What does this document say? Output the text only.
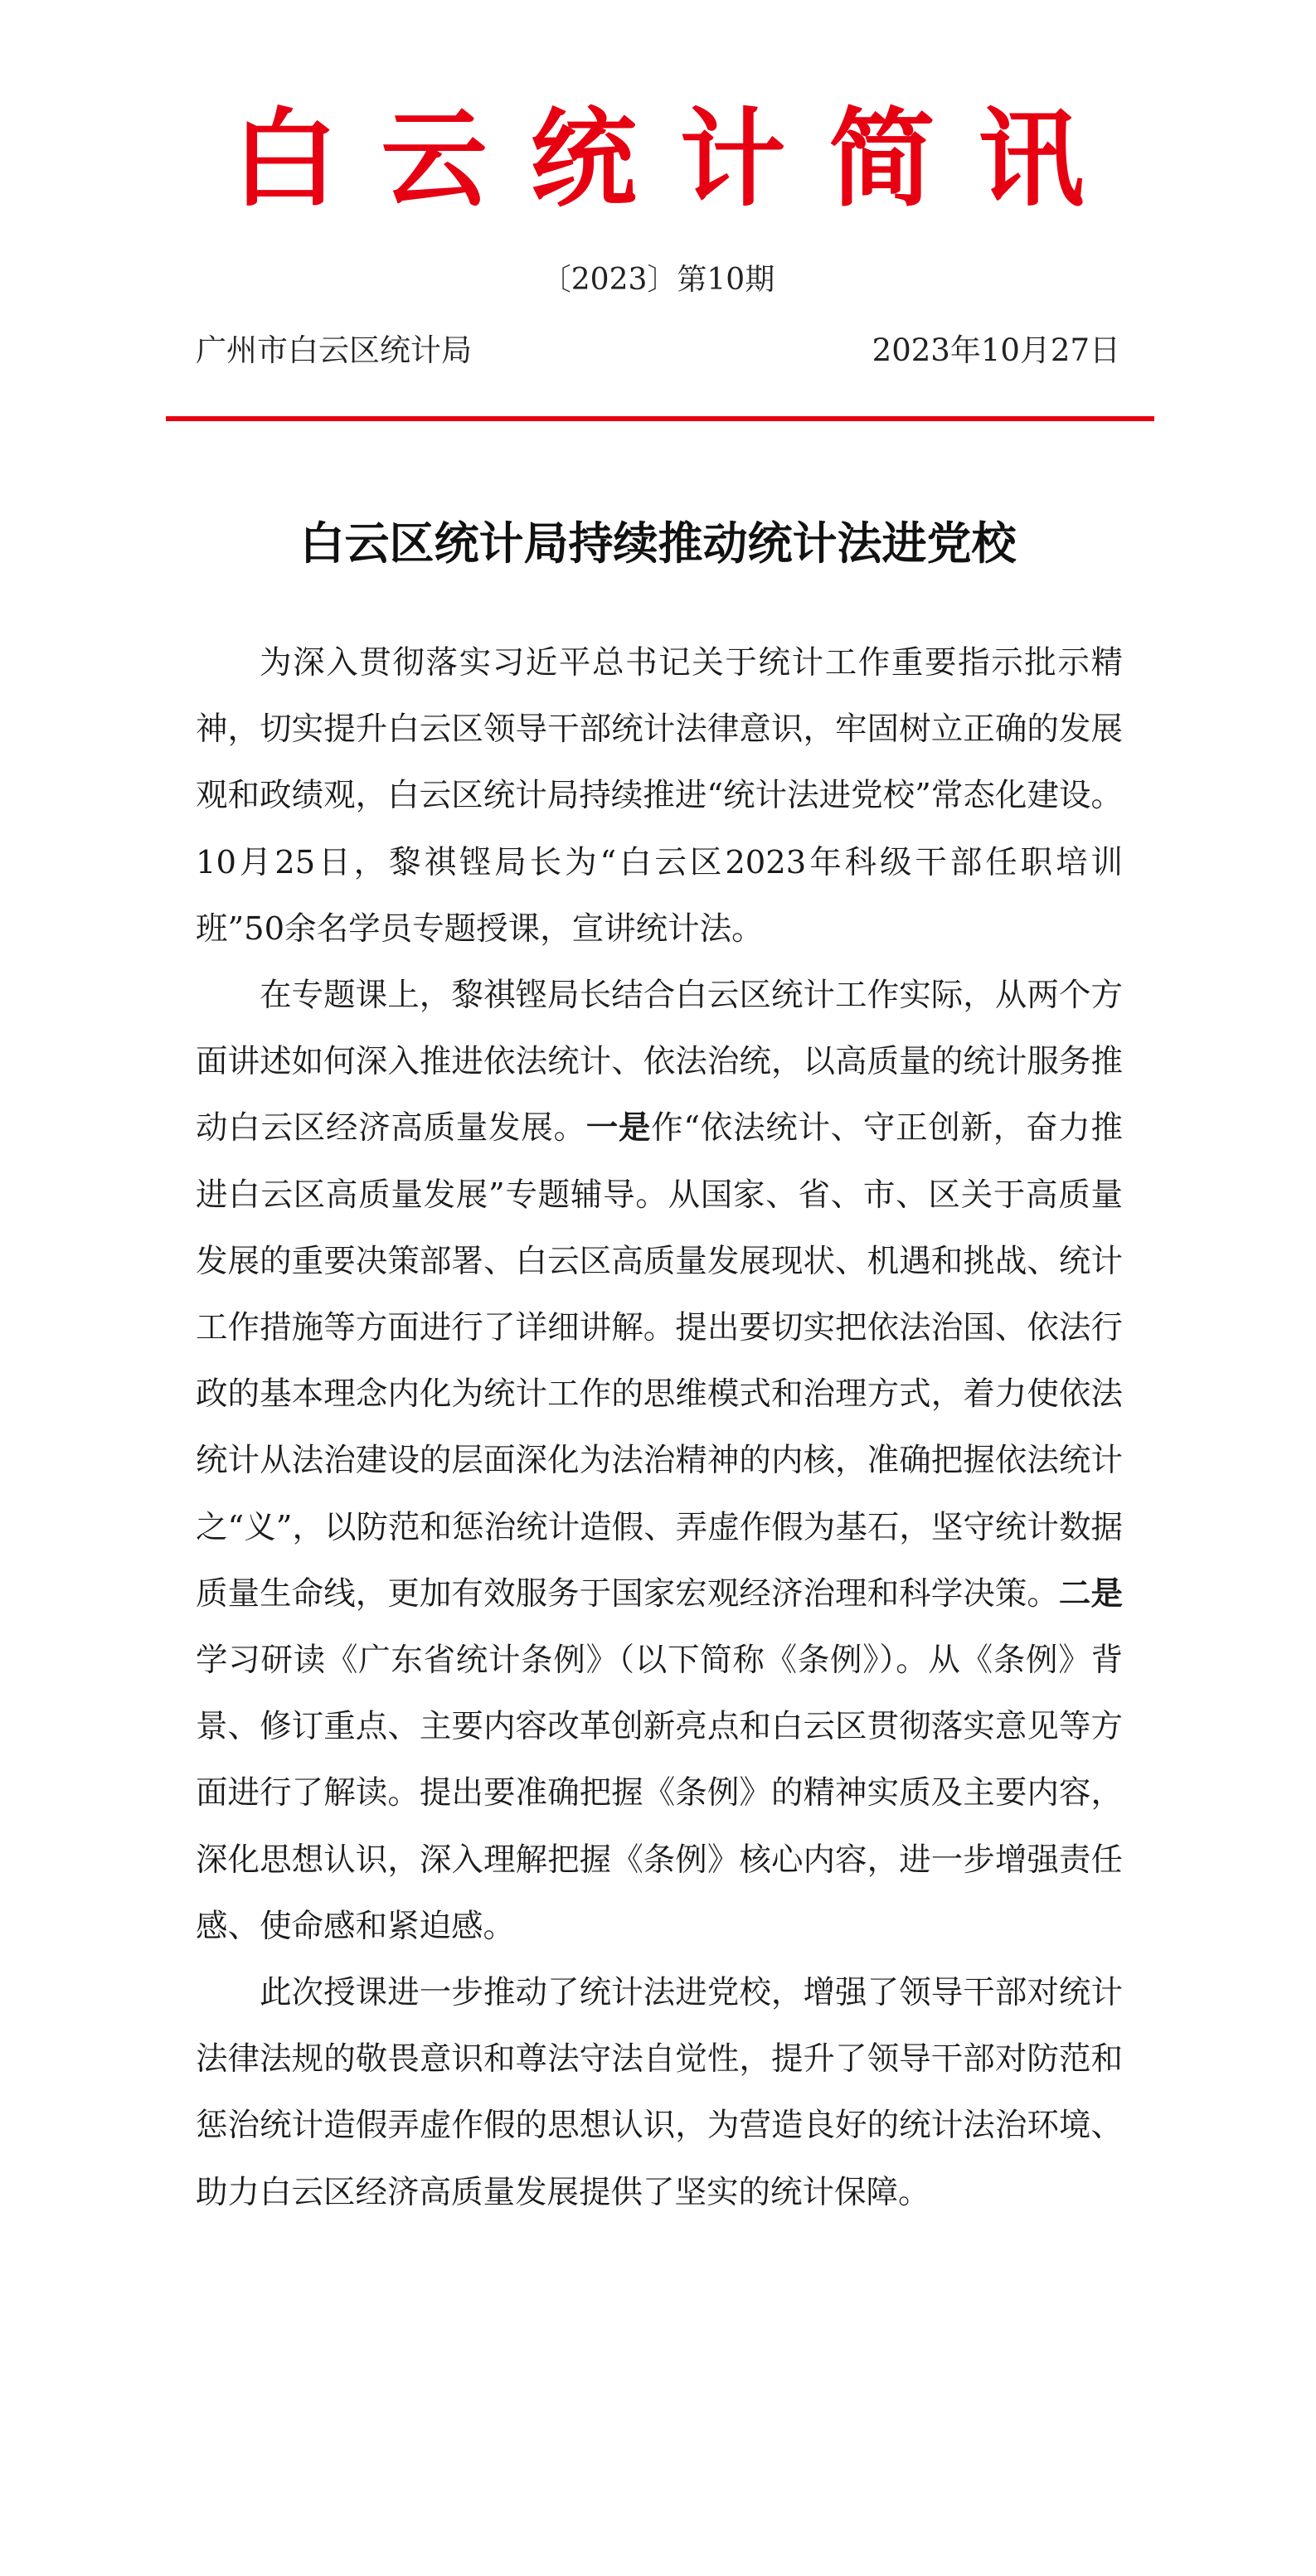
白云统计简讯
〔2023〕第10期
广州市白云区统计局	2023年10月27日
白云区统计局持续推动统计法进党校

为深入贯彻落实习近平总书记关于统计工作重要指示批示精神，切实提升白云区领导干部统计法律意识，牢固树立正确的发展观和政绩观，白云区统计局持续推进“统计法进党校”常态化建设。10月25日，黎祺铿局长为“白云区2023年科级干部任职培训班”50余名学员专题授课，宣讲统计法。

在专题课上，黎祺铿局长结合白云区统计工作实际，从两个方面讲述如何深入推进依法统计、依法治统，以高质量的统计服务推动白云区经济高质量发展。一是作“依法统计、守正创新，奋力推进白云区高质量发展”专题辅导。从国家、省、市、区关于高质量发展的重要决策部署、白云区高质量发展现状、机遇和挑战、统计工作措施等方面进行了详细讲解。提出要切实把依法治国、依法行政的基本理念内化为统计工作的思维模式和治理方式，着力使依法统计从法治建设的层面深化为法治精神的内核，准确把握依法统计之“义”，以防范和惩治统计造假、弄虚作假为基石，坚守统计数据质量生命线，更加有效服务于国家宏观经济治理和科学决策。二是学习研读《广东省统计条例》（以下简称《条例》）。从《条例》背景、修订重点、主要内容改革创新亮点和白云区贯彻落实意见等方面进行了解读。提出要准确把握《条例》的精神实质及主要内容，深化思想认识，深入理解把握《条例》核心内容，进一步增强责任感、使命感和紧迫感。

此次授课进一步推动了统计法进党校，增强了领导干部对统计法律法规的敬畏意识和尊法守法自觉性，提升了领导干部对防范和惩治统计造假弄虚作假的思想认识，为营造良好的统计法治环境、助力白云区经济高质量发展提供了坚实的统计保障。
